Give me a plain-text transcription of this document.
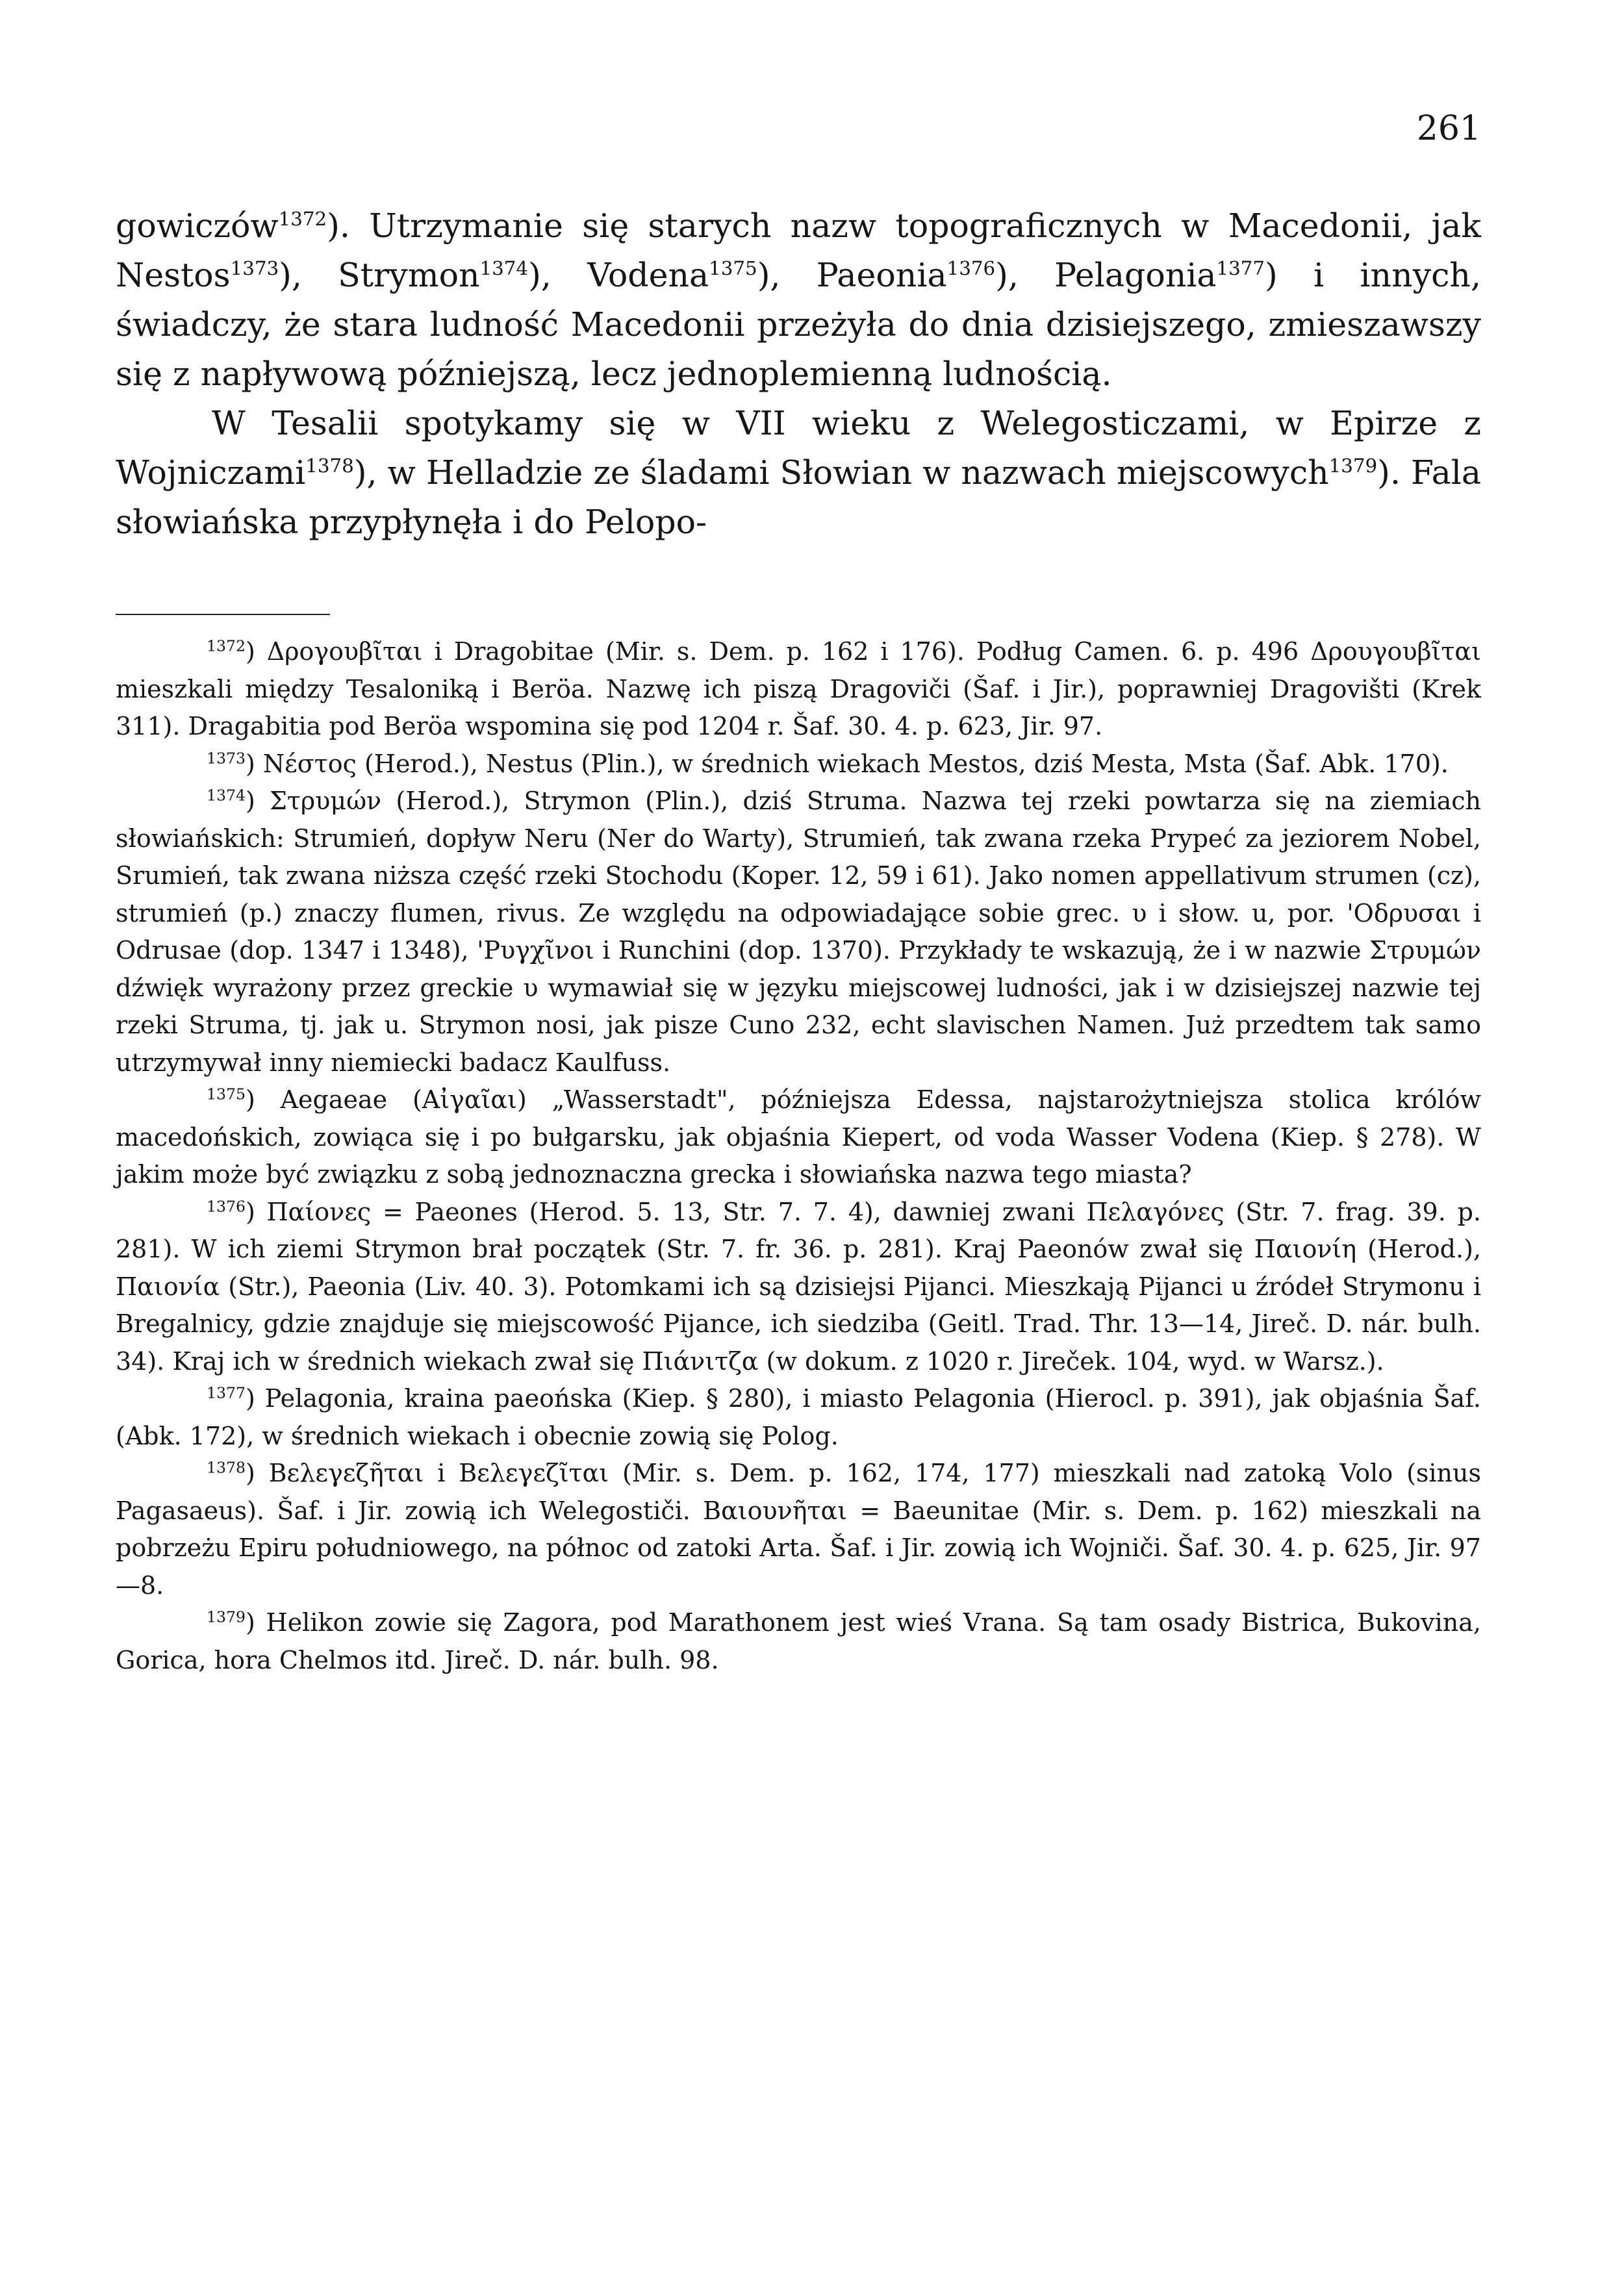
261

gowiczów$^{1372}$). Utrzymanie się starych nazw topograficznych w Macedonii, jak Nestos$^{1373}$), Strymon$^{1374}$), Vodena$^{1375}$), Paeonia$^{1376}$), Pelagonia$^{1377}$) i innych, świadczy, że stara ludność Macedonii przeżyła do dnia dzisiejszego, zmieszawszy się z napływową późniejszą, lecz jednoplemienną ludnością.

W Tesalii spotykamy się w VII wieku z Welegosticzami, w Epirze z Wojniczami$^{1378}$), w Helladzie ze śladami Słowian w nazwach miejscowych$^{1379}$). Fala słowiańska przypłynęła i do Pelopo-

$^{1372}$) Δρογουβῖται i Dragobitae (Mir. s. Dem. p. 162 i 176). Podług Camen. 6. p. 496 Δρουγουβῖται mieszkali między Tesaloniką i Beröa. Nazwę ich piszą Dragoviči (Šaf. i Jir.), poprawniej Dragovišti (Krek 311). Dragabitia pod Beröa wspomina się pod 1204 r. Šaf. 30. 4. p. 623, Jir. 97.

$^{1373}$) Νέστος (Herod.), Nestus (Plin.), w średnich wiekach Mestos, dziś Mesta, Msta (Šaf. Abk. 170).

$^{1374}$) Στρυμών (Herod.), Strymon (Plin.), dziś Struma. Nazwa tej rzeki powtarza się na ziemiach słowiańskich: Strumień, dopływ Neru (Ner do Warty), Strumień, tak zwana rzeka Prypeć za jeziorem Nobel, Srumień, tak zwana niższa część rzeki Stochodu (Koper. 12, 59 i 61). Jako nomen appellativum strumen (cz), strumień (p.) znaczy flumen, rivus. Ze względu na odpowiadające sobie grec. υ i słow. u, por. 'Οδρυσαι i Odrusae (dop. 1347 i 1348), 'Ρυγχῖνοι i Runchini (dop. 1370). Przykłady te wskazują, że i w nazwie Στρυμών dźwięk wyrażony przez greckie υ wymawiał się w języku miejscowej ludności, jak i w dzisiejszej nazwie tej rzeki Struma, tj. jak u. Strymon nosi, jak pisze Cuno 232, echt slavischen Namen. Już przedtem tak samo utrzymywał inny niemiecki badacz Kaulfuss.

$^{1375}$) Aegaeae (Αἰγαῖαι) „Wasserstadt", późniejsza Edessa, najstarożytniejsza stolica królów macedońskich, zowiąca się i po bułgarsku, jak objaśnia Kiepert, od voda Wasser Vodena (Kiep. § 278). W jakim może być związku z sobą jednoznaczna grecka i słowiańska nazwa tego miasta?

$^{1376}$) Παίονες = Paeones (Herod. 5. 13, Str. 7. 7. 4), dawniej zwani Πελαγόνες (Str. 7. frag. 39. p. 281). W ich ziemi Strymon brał początek (Str. 7. fr. 36. p. 281). Kraj Paeonów zwał się Παιονίη (Herod.), Παιονία (Str.), Paeonia (Liv. 40. 3). Potomkami ich są dzisiejsi Pijanci. Mieszkają Pijanci u źródeł Strymonu i Bregalnicy, gdzie znajduje się miejscowość Pijance, ich siedziba (Geitl. Trad. Thr. 13—14, Jireč. D. nár. bulh. 34). Kraj ich w średnich wiekach zwał się Πιάνιτζα (w dokum. z 1020 r. Jireček. 104, wyd. w Warsz.).

$^{1377}$) Pelagonia, kraina paeońska (Kiep. § 280), i miasto Pelagonia (Hierocl. p. 391), jak objaśnia Šaf. (Abk. 172), w średnich wiekach i obecnie zowią się Polog.

$^{1378}$) Βελεγεζῆται i Βελεγεζῖται (Mir. s. Dem. p. 162, 174, 177) mieszkali nad zatoką Volo (sinus Pagasaeus). Šaf. i Jir. zowią ich Welegostiči. Βαιουνῆται = Baeunitae (Mir. s. Dem. p. 162) mieszkali na pobrzeżu Epiru południowego, na północ od zatoki Arta. Šaf. i Jir. zowią ich Wojniči. Šaf. 30. 4. p. 625, Jir. 97—8.

$^{1379}$) Helikon zowie się Zagora, pod Marathonem jest wieś Vrana. Są tam osady Bistrica, Bukovina, Gorica, hora Chelmos itd. Jireč. D. nár. bulh. 98.
